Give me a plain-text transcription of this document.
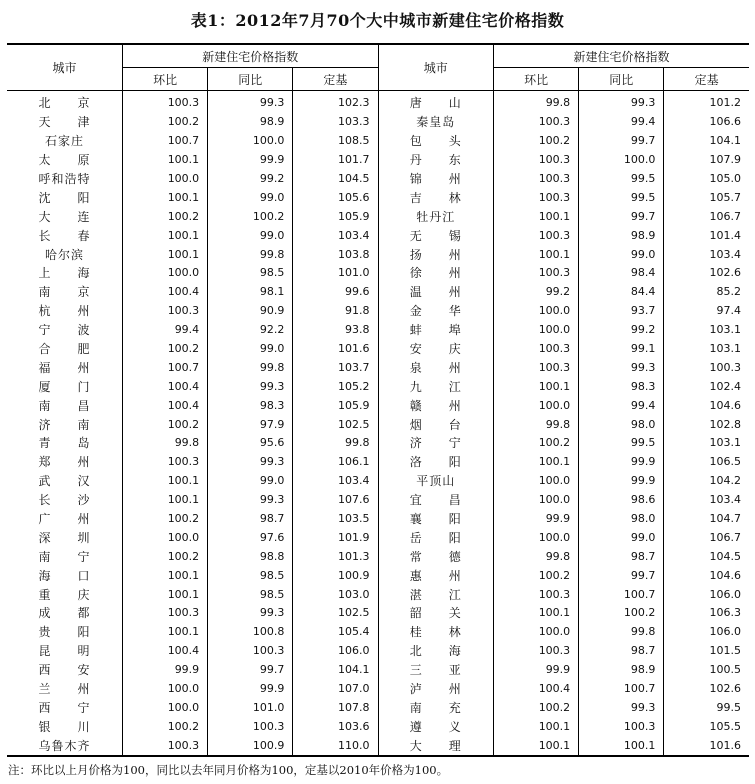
表1：2012年7月70个大中城市新建住宅价格指数
城市	新建住宅价格指数			城市	新建住宅价格指数		
	环比	同比	定基		环比	同比	定基
北　　京	100.3	99.3	102.3	唐　　山	99.8	99.3	101.2
天　　津	100.2	98.9	103.3	秦皇岛	100.3	99.4	106.6
石家庄	100.7	100.0	108.5	包　　头	100.2	99.7	104.1
太　　原	100.1	99.9	101.7	丹　　东	100.3	100.0	107.9
呼和浩特	100.0	99.2	104.5	锦　　州	100.3	99.5	105.0
沈　　阳	100.1	99.0	105.6	吉　　林	100.3	99.5	105.7
大　　连	100.2	100.2	105.9	牡丹江	100.1	99.7	106.7
长　　春	100.1	99.0	103.4	无　　锡	100.3	98.9	101.4
哈尔滨	100.1	99.8	103.8	扬　　州	100.1	99.0	103.4
上　　海	100.0	98.5	101.0	徐　　州	100.3	98.4	102.6
南　　京	100.4	98.1	99.6	温　　州	99.2	84.4	85.2
杭　　州	100.3	90.9	91.8	金　　华	100.0	93.7	97.4
宁　　波	99.4	92.2	93.8	蚌　　埠	100.0	99.2	103.1
合　　肥	100.2	99.0	101.6	安　　庆	100.3	99.1	103.1
福　　州	100.7	99.8	103.7	泉　　州	100.3	99.3	100.3
厦　　门	100.4	99.3	105.2	九　　江	100.1	98.3	102.4
南　　昌	100.4	98.3	105.9	赣　　州	100.0	99.4	104.6
济　　南	100.2	97.9	102.5	烟　　台	99.8	98.0	102.8
青　　岛	99.8	95.6	99.8	济　　宁	100.2	99.5	103.1
郑　　州	100.3	99.3	106.1	洛　　阳	100.1	99.9	106.5
武　　汉	100.1	99.0	103.4	平顶山	100.0	99.9	104.2
长　　沙	100.1	99.3	107.6	宜　　昌	100.0	98.6	103.4
广　　州	100.2	98.7	103.5	襄　　阳	99.9	98.0	104.7
深　　圳	100.0	97.6	101.9	岳　　阳	100.0	99.0	106.7
南　　宁	100.2	98.8	101.3	常　　德	99.8	98.7	104.5
海　　口	100.1	98.5	100.9	惠　　州	100.2	99.7	104.6
重　　庆	100.1	98.5	103.0	湛　　江	100.3	100.7	106.0
成　　都	100.3	99.3	102.5	韶　　关	100.1	100.2	106.3
贵　　阳	100.1	100.8	105.4	桂　　林	100.0	99.8	106.0
昆　　明	100.4	100.3	106.0	北　　海	100.3	98.7	101.5
西　　安	99.9	99.7	104.1	三　　亚	99.9	98.9	100.5
兰　　州	100.0	99.9	107.0	泸　　州	100.4	100.7	102.6
西　　宁	100.0	101.0	107.8	南　　充	100.2	99.3	99.5
银　　川	100.2	100.3	103.6	遵　　义	100.1	100.3	105.5
乌鲁木齐	100.3	100.9	110.0	大　　理	100.1	100.1	101.6
注：环比以上月价格为100，同比以去年同月价格为100，定基以2010年价格为100。
